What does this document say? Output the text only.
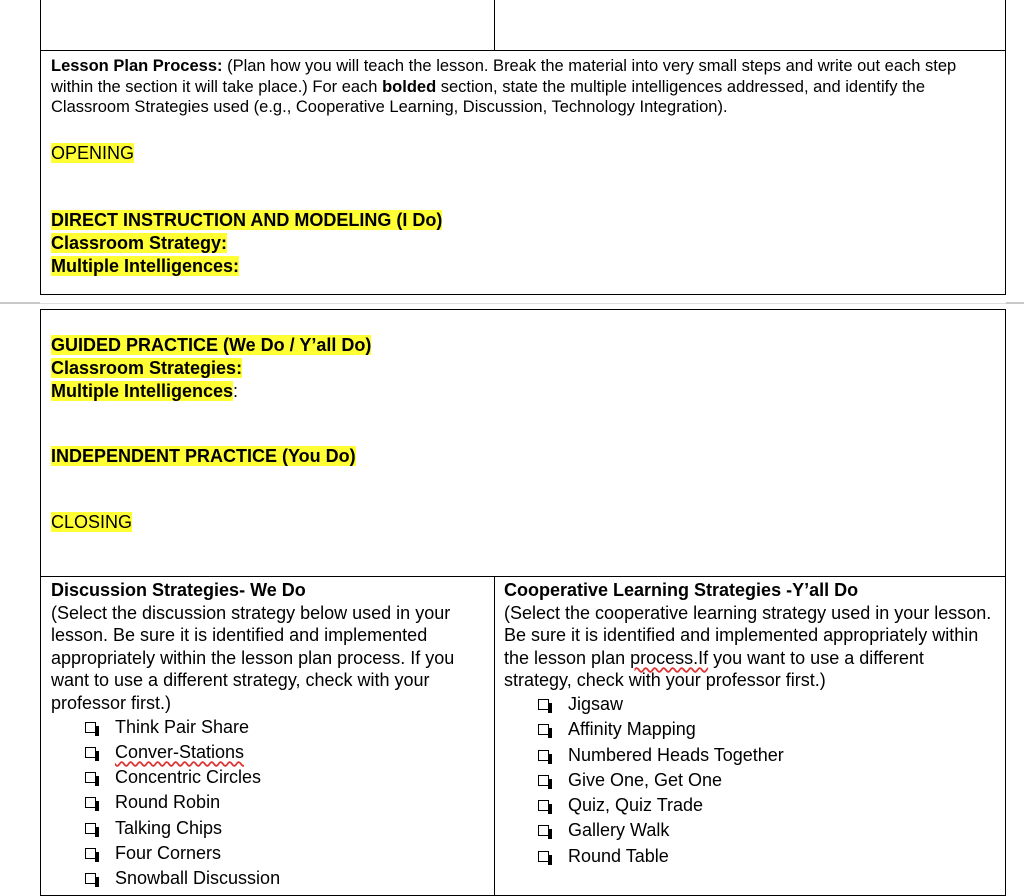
Lesson Plan Process: (Plan how you will teach the lesson. Break the material into very small steps and write out each step within the section it will take place.) For each bolded section, state the multiple intelligences addressed, and identify the Classroom Strategies used (e.g., Cooperative Learning, Discussion, Technology Integration).

OPENING

DIRECT INSTRUCTION AND MODELING (I Do)

Classroom Strategy:

Multiple Intelligences:

GUIDED PRACTICE (We Do / Y’all Do)

Classroom Strategies:

Multiple Intelligences:

INDEPENDENT PRACTICE (You Do)

CLOSING

Discussion Strategies- We Do

(Select the discussion strategy below used in your lesson. Be sure it is identified and implemented appropriately within the lesson plan process. If you want to use a different strategy, check with your professor first.)

Think Pair Share
Conver-Stations
Concentric Circles
Round Robin
Talking Chips
Four Corners
Snowball Discussion

Cooperative Learning Strategies -Y’all Do

(Select the cooperative learning strategy used in your lesson. Be sure it is identified and implemented appropriately within the lesson plan process.If you want to use a different strategy, check with your professor first.)

Jigsaw
Affinity Mapping
Numbered Heads Together
Give One, Get One
Quiz, Quiz Trade
Gallery Walk
Round Table
